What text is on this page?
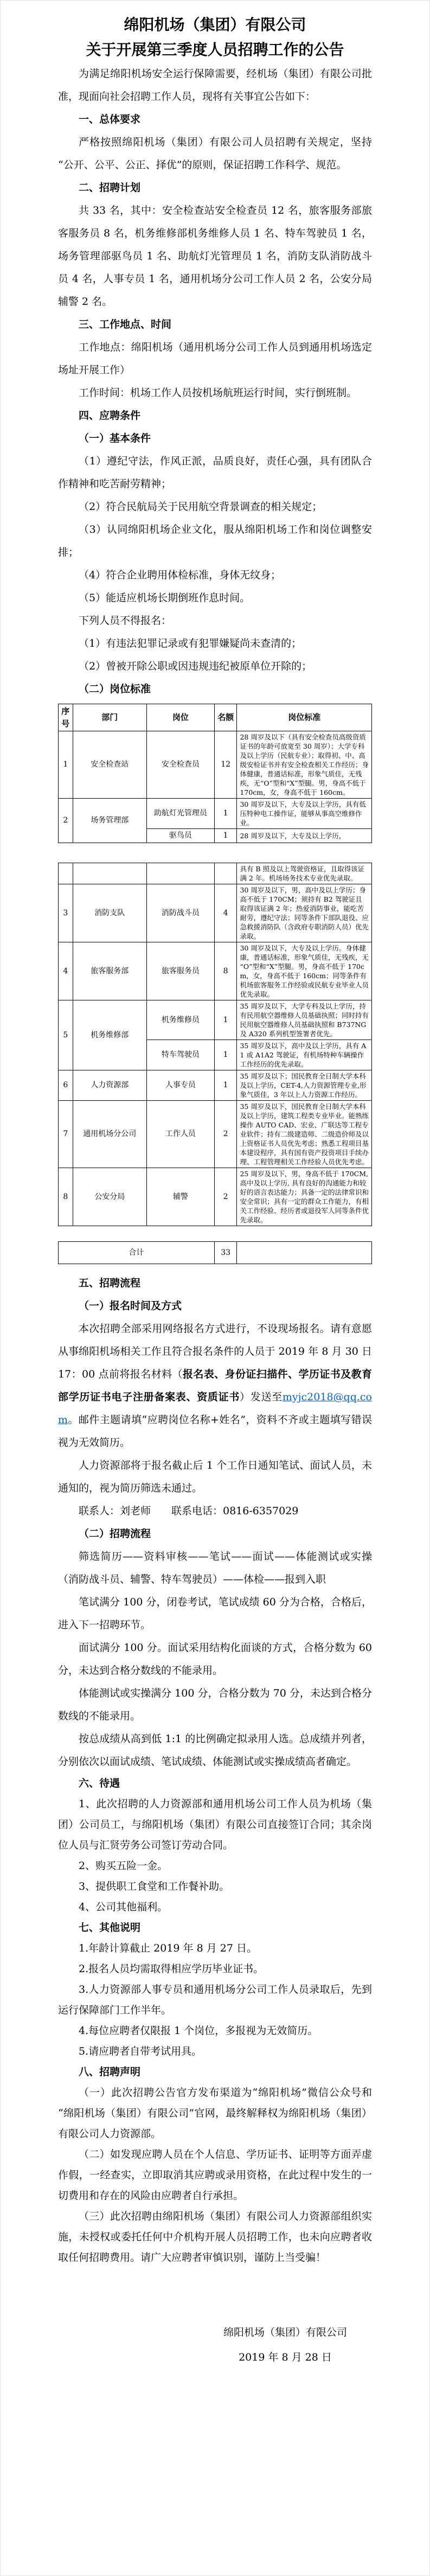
绵阳机场（集团）有限公司
关于开展第三季度人员招聘工作的公告

为满足绵阳机场安全运行保障需要，经机场（集团）有限公司批准，现面向社会招聘工作人员，现将有关事宜公告如下：

一、总体要求

严格按照绵阳机场（集团）有限公司人员招聘有关规定，坚持“公开、公平、公正、择优”的原则，保证招聘工作科学、规范。

二、招聘计划

共 33 名，其中：安全检查站安全检查员 12 名，旅客服务部旅客服务员 8 名，机务维修部机务维修人员 1 名、特车驾驶员 1 名，场务管理部驱鸟员 1 名、助航灯光管理员 1 名，消防支队消防战斗员 4 名，人事专员 1 名，通用机场分公司工作人员 2 名，公安分局辅警 2 名。

三、工作地点、时间

工作地点：绵阳机场（通用机场分公司工作人员到通用机场选定场址开展工作）

工作时间：机场工作人员按机场航班运行时间，实行倒班制。

四、应聘条件
（一）基本条件

（1）遵纪守法，作风正派，品质良好，责任心强，具有团队合作精神和吃苦耐劳精神；

（2）符合民航局关于民用航空背景调查的相关规定；

（3）认同绵阳机场企业文化，服从绵阳机场工作和岗位调整安排；

（4）符合企业聘用体检标准，身体无纹身；

（5）能适应机场长期倒班作息时间。

下列人员不得报名：

（1）有违法犯罪记录或有犯罪嫌疑尚未查清的；

（2）曾被开除公职或因违规违纪被原单位开除的；

（二）岗位标准
序号	部门	岗位	名额	岗位标准
1	安全检查站	安全检查员	12	28 周岁及以下（具有安全检查员高级资质证书的年龄可放宽至 30 周岁）；大学专科及以上学历（民航专业）；取得初、中、高级安检证书并有安全检查相关工作经历；身体健康，普通话标准，形象气质佳，无残疾，无“O”型和“X”型腿。男，身高不低于 170cm，女，身高不低于 160cm。
2	场务管理部	助航灯光管理员	1	30 周岁及以下，大专及以上学历，具有低压特种电工操作证，能够从事高空维修作业。
		驱鸟员	1	28 周岁及以下，大专及以上学历，
				具有 B 照及以上驾驶资格证，且取得该证满 2 年。机场场务技术专业优先录取。
3	消防支队	消防战斗员	4	30 周岁及以下，男，高中及以上学历；身高不低于 170CM；须持有 B2 驾驶证且取得该证满 2 年；热爱消防事业，能吃苦耐劳，遵纪守法；同等条件下部队退役、应急救援消防队（含政府专职消防人员）优先录取。
4	旅客服务部	旅客服务员	8	30 周岁及以下，大专及以上学历。身体健康，普通话标准，形象气质佳，无残疾，无“O”型和“X”型腿。男，身高不低于 170cm，女，身高不低于 160cm；同等条件有机场旅客服务工作经验或民航专业毕业人员优先录取。
5	机务维修部	机务维修员	1	35 周岁及以下，大学专科及以上学历，持有民用航空器维修人员基础执照；同时持有民用航空器维修人员基础执照和 B737NG 及 A320 系列机型签署者优先。
		特车驾驶员	1	35 周岁及以下，高中及以上学历，具有 A1 或 A1A2 驾驶证，有机场特种车辆操作工作经历的优先录取。
6	人力资源部	人事专员	1	35 周岁及以下；国民教育全日制大学本科及以上学历，CET-4,人力资源管理专业,形象气质佳，3 年以上人力资源工作经历。
7	通用机场分公司	工作人员	2	35 周岁及以下，国民教育全日制大学本科及以上学历，建筑工程类专业毕业。能熟练操作 AUTO CAD、宏业、广联达等工程专业软件；持有二级建造师、二级造价师及以上资格证书人员优先考虑；熟悉工程项目基本建设程序，具有国有资产投资项目手续办理、工程管理相关工作经验人员优先考虑。
8	公安分局	辅警	2	25 周岁及以下，男，身高不低于 170CM, 高中及以上学历, 具有良好的沟通能力和较好的语言表达能力；具备一定的法律常识和安全常识；具有一定的群众工作能力，有相关工作经验、经历者或退役军人同等条件优先录取。
合计	33	
五、招聘流程
（一）报名时间及方式

本次招聘全部采用网络报名方式进行，不设现场报名。请有意愿从事绵阳机场相关工作且符合报名条件的人员于 2019 年 8 月 30 日 17：00 点前将报名材料（报名表、身份证扫描件、学历证书及教育部学历证书电子注册备案表、资质证书）发送至myjc2018@qq.com。邮件主题请填“应聘岗位名称+姓名”，资料不齐或主题填写错误视为无效简历。

人力资源部将于报名截止后 1 个工作日通知笔试、面试人员，未通知的，视为简历筛选未通过。

联系人：刘老师　　联系电话：0816-6357029

（二）招聘流程

筛选简历——资料审核——笔试——面试——体能测试或实操（消防战斗员、辅警、特车驾驶员）——体检——报到入职

笔试满分 100 分，闭卷考试，笔试成绩 60 分为合格，合格后，进入下一招聘环节。

面试满分 100 分。面试采用结构化面谈的方式，合格分数为 60 分，未达到合格分数线的不能录用。

体能测试或实操满分 100 分，合格分数为 70 分，未达到合格分数线的不能录用。

按总成绩从高到低 1:1 的比例确定拟录用人选。总成绩并列者，分别依次以面试成绩、笔试成绩、体能测试或实操成绩高者确定。

六、待遇

1、此次招聘的人力资源部和通用机场公司工作人员为机场（集团）公司员工，与绵阳机场（集团）有限公司直接签订合同；其余岗位人员与汇贤劳务公司签订劳动合同。

2、购买五险一金。

3、提供职工食堂和工作餐补助。

4、公司其他福利。

七、其他说明

1.年龄计算截止 2019 年 8 月 27 日。

2.报名人员均需取得相应学历毕业证书。

3.人力资源部人事专员和通用机场分公司工作人员录取后，先到运行保障部门工作半年。

4.每位应聘者仅限报 1 个岗位，多报视为无效简历。

5.请应聘者自带考试用具。

八、招聘声明

（一）此次招聘公告官方发布渠道为“绵阳机场”微信公众号和“绵阳机场（集团）有限公司”官网，最终解释权为绵阳机场（集团）有限公司人力资源部。

（二）如发现应聘人员在个人信息、学历证书、证明等方面弄虚作假，一经查实，立即取消其应聘或录用资格，在此过程中发生的一切费用和存在的风险由应聘者自行承担。

（三）此次招聘由绵阳机场（集团）有限公司人力资源部组织实施，未授权或委托任何中介机构开展人员招聘工作，也未向应聘者收取任何招聘费用。请广大应聘者审慎识别，谨防上当受骗！

绵阳机场（集团）有限公司
2019 年 8 月 28 日
